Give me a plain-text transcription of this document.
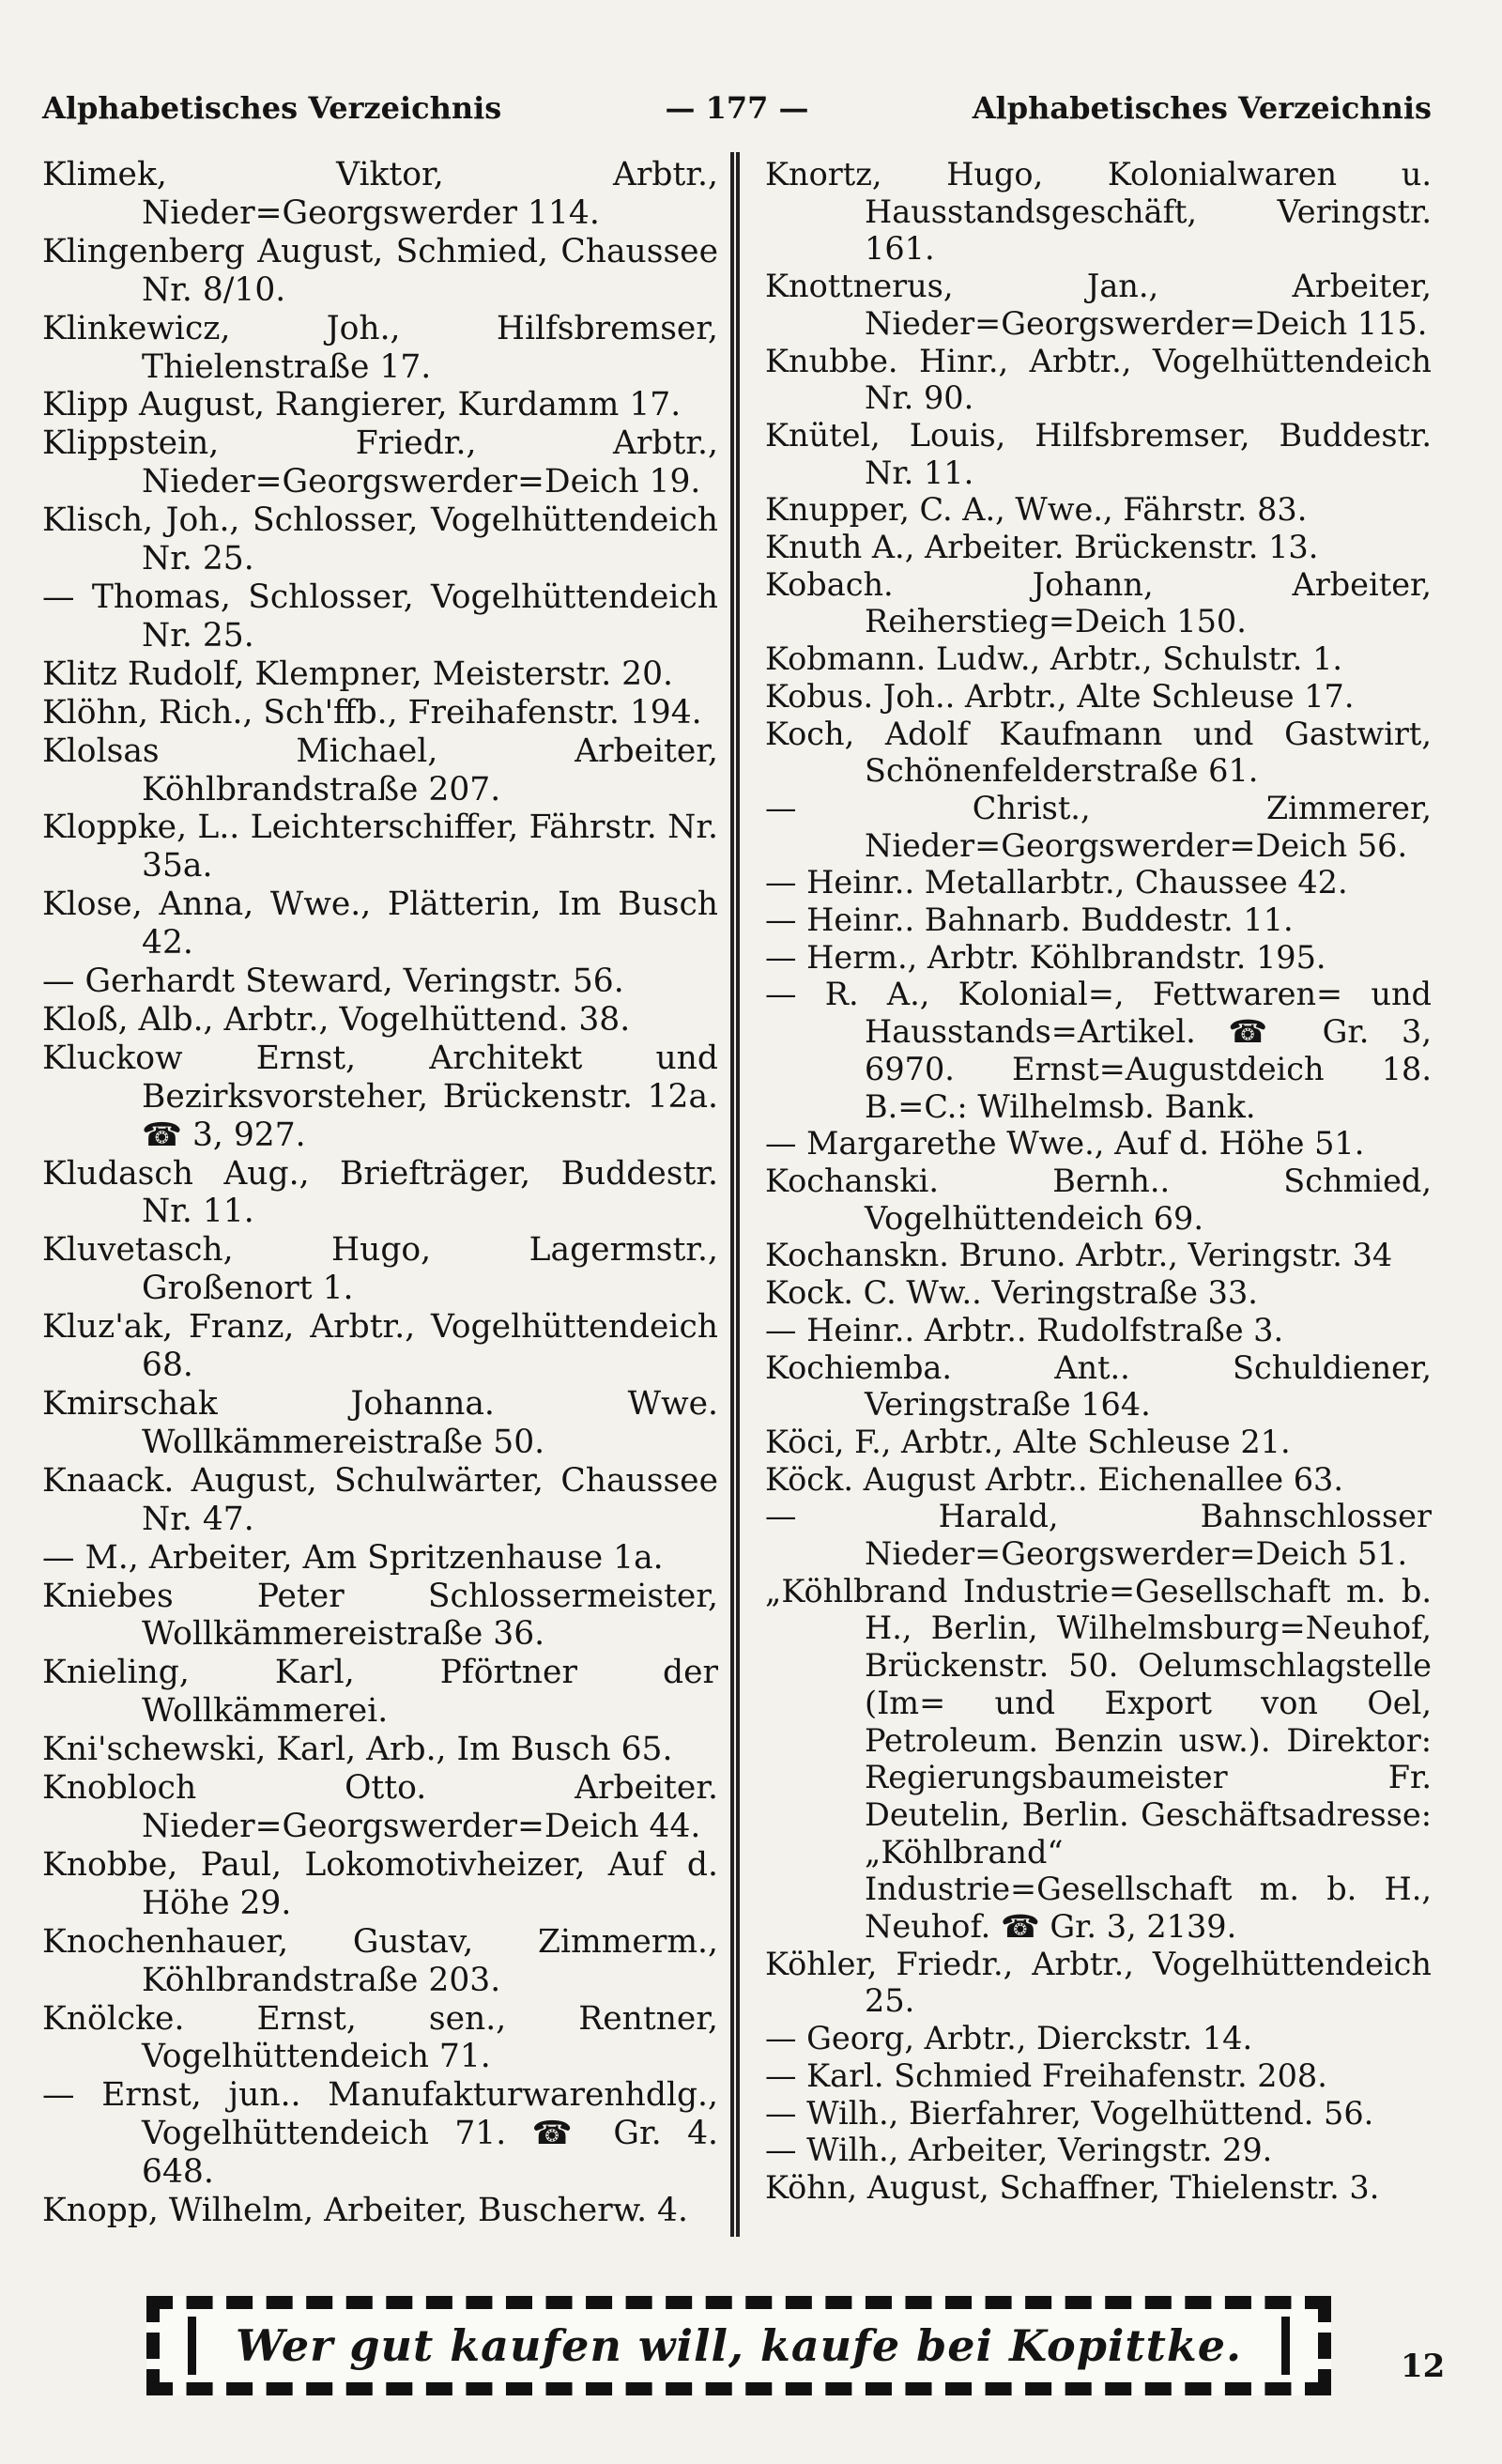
Alphabetisches Verzeichnis	— 177 —	Alphabetisches Verzeichnis

Klimek, Viktor, Arbtr., Nieder=Georgswerder 114.

Klingenberg August, Schmied, Chaussee Nr. 8/10.

Klinkewicz, Joh., Hilfsbremser, Thielenstraße 17.

Klipp August, Rangierer, Kurdamm 17.

Klippstein, Friedr., Arbtr., Nieder=Georgswerder=Deich 19.

Klisch, Joh., Schlosser, Vogelhüttendeich Nr. 25.

— Thomas, Schlosser, Vogelhüttendeich Nr. 25.

Klitz Rudolf, Klempner, Meisterstr. 20.

Klöhn, Rich., Sch'ffb., Freihafenstr. 194.

Klolsas Michael, Arbeiter, Köhlbrandstraße 207.

Kloppke, L.. Leichterschiffer, Fährstr. Nr. 35a.

Klose, Anna, Wwe., Plätterin, Im Busch 42.

— Gerhardt Steward, Veringstr. 56.

Kloß, Alb., Arbtr., Vogelhüttend. 38.

Kluckow Ernst, Architekt und Bezirksvorsteher, Brückenstr. 12a. ☎ 3, 927.

Kludasch Aug., Briefträger, Buddestr. Nr. 11.

Kluvetasch, Hugo, Lagermstr., Großenort 1.

Kluz'ak, Franz, Arbtr., Vogelhüttendeich 68.

Kmirschak Johanna. Wwe. Wollkämmereistraße 50.

Knaack. August, Schulwärter, Chaussee Nr. 47.

— M., Arbeiter, Am Spritzenhause 1a.

Kniebes Peter Schlossermeister, Wollkämmereistraße 36.

Knieling, Karl, Pförtner der Wollkämmerei.

Kni'schewski, Karl, Arb., Im Busch 65.

Knobloch Otto. Arbeiter. Nieder=Georgswerder=Deich 44.

Knobbe, Paul, Lokomotivheizer, Auf d. Höhe 29.

Knochenhauer, Gustav, Zimmerm., Köhlbrandstraße 203.

Knölcke. Ernst, sen., Rentner, Vogelhüttendeich 71.

— Ernst, jun.. Manufakturwarenhdlg., Vogelhüttendeich 71. ☎ Gr. 4. 648.

Knopp, Wilhelm, Arbeiter, Buscherw. 4.

Knortz, Hugo, Kolonialwaren u. Hausstandsgeschäft, Veringstr. 161.

Knottnerus, Jan., Arbeiter, Nieder=Georgswerder=Deich 115.

Knubbe. Hinr., Arbtr., Vogelhüttendeich Nr. 90.

Knütel, Louis, Hilfsbremser, Buddestr. Nr. 11.

Knupper, C. A., Wwe., Fährstr. 83.

Knuth A., Arbeiter. Brückenstr. 13.

Kobach. Johann, Arbeiter, Reiherstieg=Deich 150.

Kobmann. Ludw., Arbtr., Schulstr. 1.

Kobus. Joh.. Arbtr., Alte Schleuse 17.

Koch, Adolf Kaufmann und Gastwirt, Schönenfelderstraße 61.

— Christ., Zimmerer, Nieder=Georgswerder=Deich 56.

— Heinr.. Metallarbtr., Chaussee 42.

— Heinr.. Bahnarb. Buddestr. 11.

— Herm., Arbtr. Köhlbrandstr. 195.

— R. A., Kolonial=, Fettwaren= und Hausstands=Artikel. ☎ Gr. 3, 6970. Ernst=Augustdeich 18. B.=C.: Wilhelmsb. Bank.

— Margarethe Wwe., Auf d. Höhe 51.

Kochanski. Bernh.. Schmied, Vogelhüttendeich 69.

Kochanskn. Bruno. Arbtr., Veringstr. 34

Kock. C. Ww.. Veringstraße 33.

— Heinr.. Arbtr.. Rudolfstraße 3.

Kochiemba. Ant.. Schuldiener, Veringstraße 164.

Köci, F., Arbtr., Alte Schleuse 21.

Köck. August Arbtr.. Eichenallee 63.

— Harald, Bahnschlosser Nieder=Georgswerder=Deich 51.

„Köhlbrand Industrie=Gesellschaft m. b. H., Berlin, Wilhelmsburg=Neuhof, Brückenstr. 50. Oelumschlagstelle (Im= und Export von Oel, Petroleum. Benzin usw.). Direktor: Regierungsbaumeister Fr. Deutelin, Berlin. Geschäftsadresse: „Köhlbrand“ Industrie=Gesellschaft m. b. H., Neuhof. ☎ Gr. 3, 2139.

Köhler, Friedr., Arbtr., Vogelhüttendeich 25.

— Georg, Arbtr., Dierckstr. 14.

— Karl. Schmied Freihafenstr. 208.

— Wilh., Bierfahrer, Vogelhüttend. 56.

— Wilh., Arbeiter, Veringstr. 29.

Köhn, August, Schaffner, Thielenstr. 3.

Wer gut kaufen will, kaufe bei Kopittke.	12
